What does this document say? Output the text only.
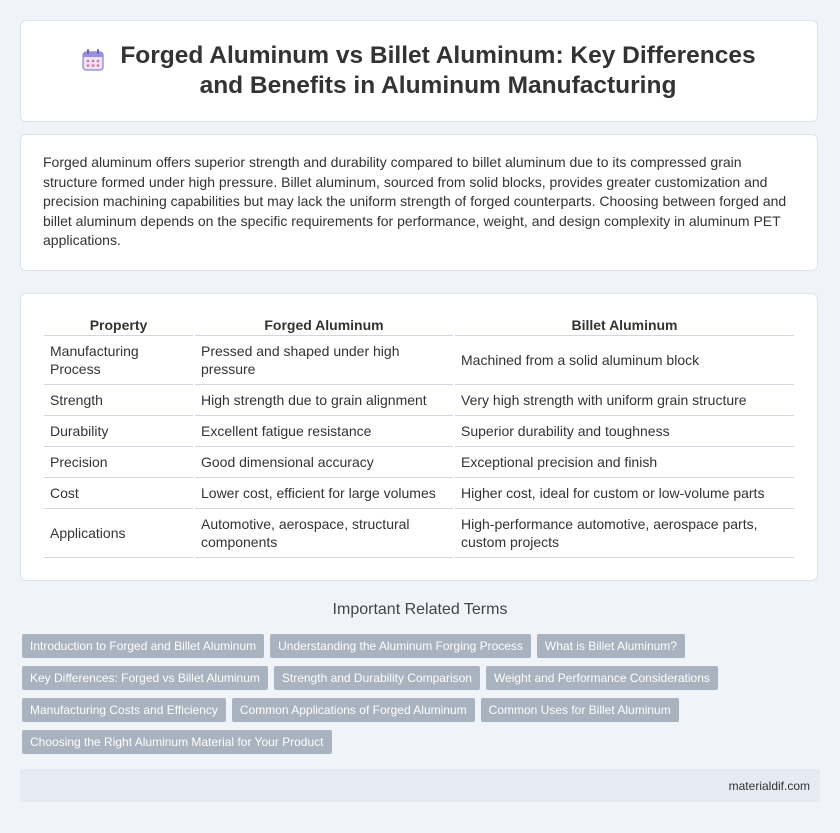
Forged Aluminum vs Billet Aluminum: Key Differences and Benefits in Aluminum Manufacturing

Forged aluminum offers superior strength and durability compared to billet aluminum due to its compressed grain structure formed under high pressure. Billet aluminum, sourced from solid blocks, provides greater customization and precision machining capabilities but may lack the uniform strength of forged counterparts. Choosing between forged and billet aluminum depends on the specific requirements for performance, weight, and design complexity in aluminum PET applications.

Property	Forged Aluminum	Billet Aluminum
Manufacturing Process	Pressed and shaped under high pressure	Machined from a solid aluminum block
Strength	High strength due to grain alignment	Very high strength with uniform grain structure
Durability	Excellent fatigue resistance	Superior durability and toughness
Precision	Good dimensional accuracy	Exceptional precision and finish
Cost	Lower cost, efficient for large volumes	Higher cost, ideal for custom or low-volume parts
Applications	Automotive, aerospace, structural components	High-performance automotive, aerospace parts, custom projects
Important Related Terms
Introduction to Forged and Billet Aluminum	Understanding the Aluminum Forging Process	What is Billet Aluminum?
Key Differences: Forged vs Billet Aluminum	Strength and Durability Comparison	Weight and Performance Considerations
Manufacturing Costs and Efficiency	Common Applications of Forged Aluminum	Common Uses for Billet Aluminum
Choosing the Right Aluminum Material for Your Product
materialdif.com
